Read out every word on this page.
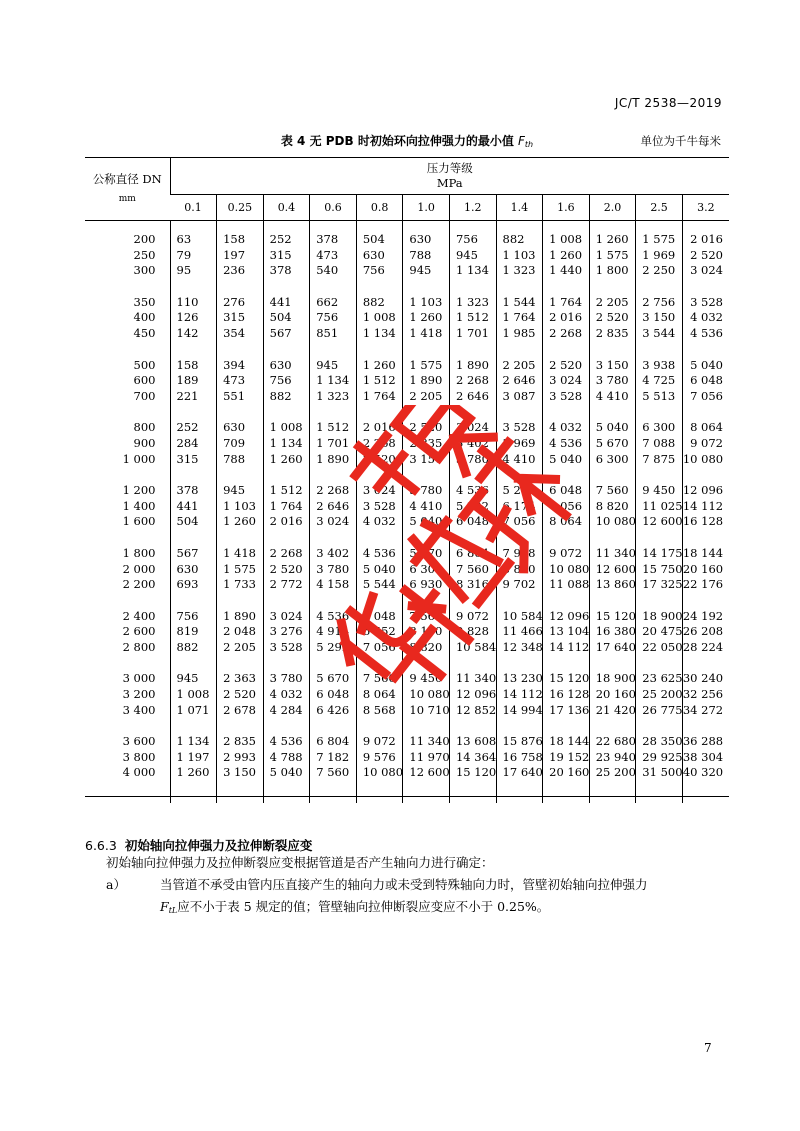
JC/T 2538—2019
表 4 无 PDB 时初始环向拉伸强力的最小值 $F_{th}$	单位为千牛每米
公称直径 DN
mm	压力等级
MPa											

	0.1	0.25	0.4	0.6	0.8	1.0	1.2	1.4	1.6	2.0	2.5	3.2

200	63	158	252	378	504	630	756	882	1 008	1 260	1 575	2 016
250	79	197	315	473	630	788	945	1 103	1 260	1 575	1 969	2 520
300	95	236	378	540	756	945	1 134	1 323	1 440	1 800	2 250	3 024

350	110	276	441	662	882	1 103	1 323	1 544	1 764	2 205	2 756	3 528
400	126	315	504	756	1 008	1 260	1 512	1 764	2 016	2 520	3 150	4 032
450	142	354	567	851	1 134	1 418	1 701	1 985	2 268	2 835	3 544	4 536

500	158	394	630	945	1 260	1 575	1 890	2 205	2 520	3 150	3 938	5 040
600	189	473	756	1 134	1 512	1 890	2 268	2 646	3 024	3 780	4 725	6 048
700	221	551	882	1 323	1 764	2 205	2 646	3 087	3 528	4 410	5 513	7 056

800	252	630	1 008	1 512	2 016	2 520	3 024	3 528	4 032	5 040	6 300	8 064
900	284	709	1 134	1 701	2 268	2 835	3 402	3 969	4 536	5 670	7 088	9 072
1 000	315	788	1 260	1 890	2 520	3 150	3 780	4 410	5 040	6 300	7 875	10 080

1 200	378	945	1 512	2 268	3 024	3 780	4 536	5 292	6 048	7 560	9 450	12 096
1 400	441	1 103	1 764	2 646	3 528	4 410	5 292	6 174	7 056	8 820	11 025	14 112
1 600	504	1 260	2 016	3 024	4 032	5 040	6 048	7 056	8 064	10 080	12 600	16 128

1 800	567	1 418	2 268	3 402	4 536	5 670	6 804	7 938	9 072	11 340	14 175	18 144
2 000	630	1 575	2 520	3 780	5 040	6 300	7 560	8 820	10 080	12 600	15 750	20 160
2 200	693	1 733	2 772	4 158	5 544	6 930	8 316	9 702	11 088	13 860	17 325	22 176

2 400	756	1 890	3 024	4 536	6 048	7 560	9 072	10 584	12 096	15 120	18 900	24 192
2 600	819	2 048	3 276	4 914	6 552	8 190	9 828	11 466	13 104	16 380	20 475	26 208
2 800	882	2 205	3 528	5 292	7 056	8 820	10 584	12 348	14 112	17 640	22 050	28 224

3 000	945	2 363	3 780	5 670	7 560	9 450	11 340	13 230	15 120	18 900	23 625	30 240
3 200	1 008	2 520	4 032	6 048	8 064	10 080	12 096	14 112	16 128	20 160	25 200	32 256
3 400	1 071	2 678	4 284	6 426	8 568	10 710	12 852	14 994	17 136	21 420	26 775	34 272

3 600	1 134	2 835	4 536	6 804	9 072	11 340	13 608	15 876	18 144	22 680	28 350	36 288
3 800	1 197	2 993	4 788	7 182	9 576	11 970	14 364	16 758	19 152	23 940	29 925	38 304
4 000	1 260	3 150	5 040	7 560	10 080	12 600	15 120	17 640	20 160	25 200	31 500	40 320

6.6.3 初始轴向拉伸强力及拉伸断裂应变
初始轴向拉伸强力及拉伸断裂应变根据管道是否产生轴向力进行确定：
当管道不承受由管内压直接产生的轴向力或未受到特殊轴向力时，管壁初始轴向拉伸强力
$F_{tL}$应不小于表 5 规定的值；管壁轴向拉伸断裂应变应不小于 0.25%。
a）
7
